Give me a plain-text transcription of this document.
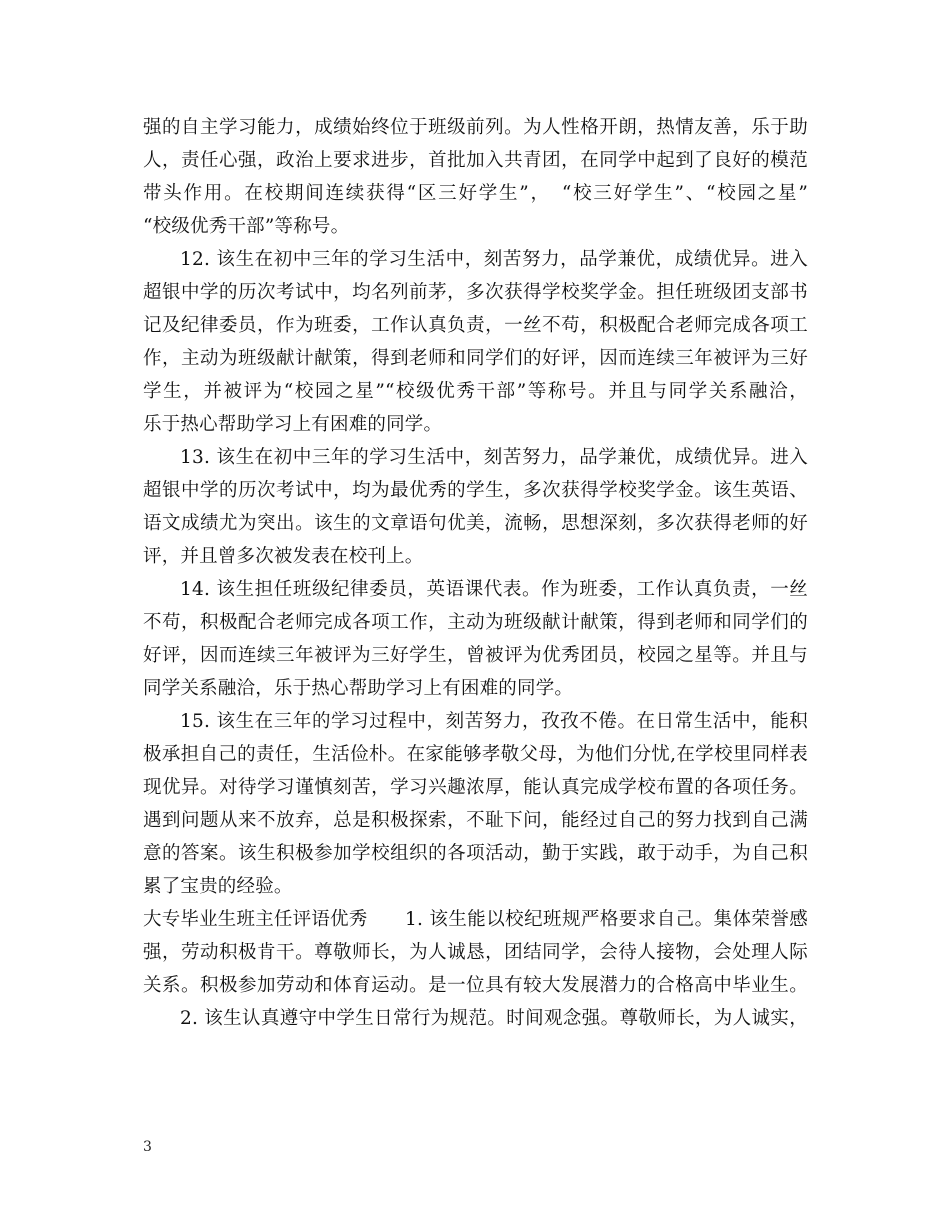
强的自主学习能力，成绩始终位于班级前列。为人性格开朗，热情友善，乐于助
人，责任心强，政治上要求进步，首批加入共青团，在同学中起到了良好的模范
带头作用。在校期间连续获得“区三好学生”，　“校三好学生”、“校园之星”
“校级优秀干部”等称号。
12. 该生在初中三年的学习生活中，刻苦努力，品学兼优，成绩优异。进入
超银中学的历次考试中，均名列前茅，多次获得学校奖学金。担任班级团支部书
记及纪律委员，作为班委，工作认真负责，一丝不苟，积极配合老师完成各项工
作，主动为班级献计献策，得到老师和同学们的好评，因而连续三年被评为三好
学生，并被评为“校园之星”“校级优秀干部”等称号。并且与同学关系融洽，
乐于热心帮助学习上有困难的同学。
13. 该生在初中三年的学习生活中，刻苦努力，品学兼优，成绩优异。进入
超银中学的历次考试中，均为最优秀的学生，多次获得学校奖学金。该生英语、
语文成绩尤为突出。该生的文章语句优美，流畅，思想深刻，多次获得老师的好
评，并且曾多次被发表在校刊上。
14. 该生担任班级纪律委员，英语课代表。作为班委，工作认真负责，一丝
不苟，积极配合老师完成各项工作，主动为班级献计献策，得到老师和同学们的
好评，因而连续三年被评为三好学生，曾被评为优秀团员，校园之星等。并且与
同学关系融洽，乐于热心帮助学习上有困难的同学。
15. 该生在三年的学习过程中，刻苦努力，孜孜不倦。在日常生活中，能积
极承担自己的责任，生活俭朴。在家能够孝敬父母，为他们分忧,在学校里同样表
现优异。对待学习谨慎刻苦，学习兴趣浓厚，能认真完成学校布置的各项任务。
遇到问题从来不放弃，总是积极探索，不耻下问，能经过自己的努力找到自己满
意的答案。该生积极参加学校组织的各项活动，勤于实践，敢于动手，为自己积
累了宝贵的经验。
大专毕业生班主任评语优秀	1. 该生能以校纪班规严格要求自己。集体荣誉感
强，劳动积极肯干。尊敬师长，为人诚恳，团结同学，会待人接物，会处理人际
关系。积极参加劳动和体育运动。是一位具有较大发展潜力的合格高中毕业生。
2. 该生认真遵守中学生日常行为规范。时间观念强。尊敬师长，为人诚实，
3
